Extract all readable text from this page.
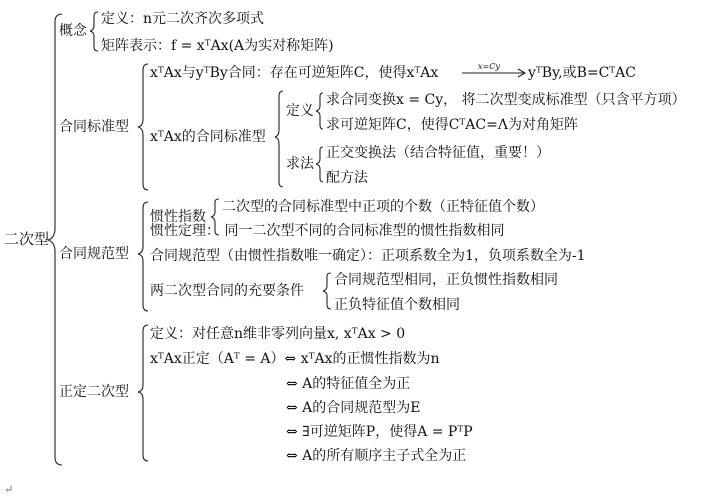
二次型
概念
定义：n元二次齐次多项式
矩阵表示：f = xᵀAx(A为实对称矩阵)
合同标准型
xᵀAx与yᵀBy合同：存在可逆矩阵C，使得xᵀAx	x=Cy yᵀBy,或B=CᵀAC
xᵀAx的合同标准型
定义
求合同变换x = Cy， 将二次型变成标准型（只含平方项）
求可逆矩阵C，使得CᵀAC=Λ为对角矩阵
求法
正交变换法（结合特征值，重要！）
配方法
合同规范型
惯性指数
二次型的合同标准型中正项的个数（正特征值个数）
惯性定理： 同一二次型不同的合同标准型的惯性指数相同
合同规范型（由惯性指数唯一确定）：正项系数全为1，负项系数全为-1
两二次型合同的充要条件
合同规范型相同，正负惯性指数相同
正负特征值个数相同
正定二次型
定义：对任意n维非零列向量x, xᵀAx > 0
xᵀAx正定（Aᵀ = A）⇔ xᵀAx的正惯性指数为n
⇔ A的特征值全为正
⇔ A的合同规范型为E
⇔ ∃可逆矩阵P，使得A = PᵀP
⇔ A的所有顺序主子式全为正
↵
